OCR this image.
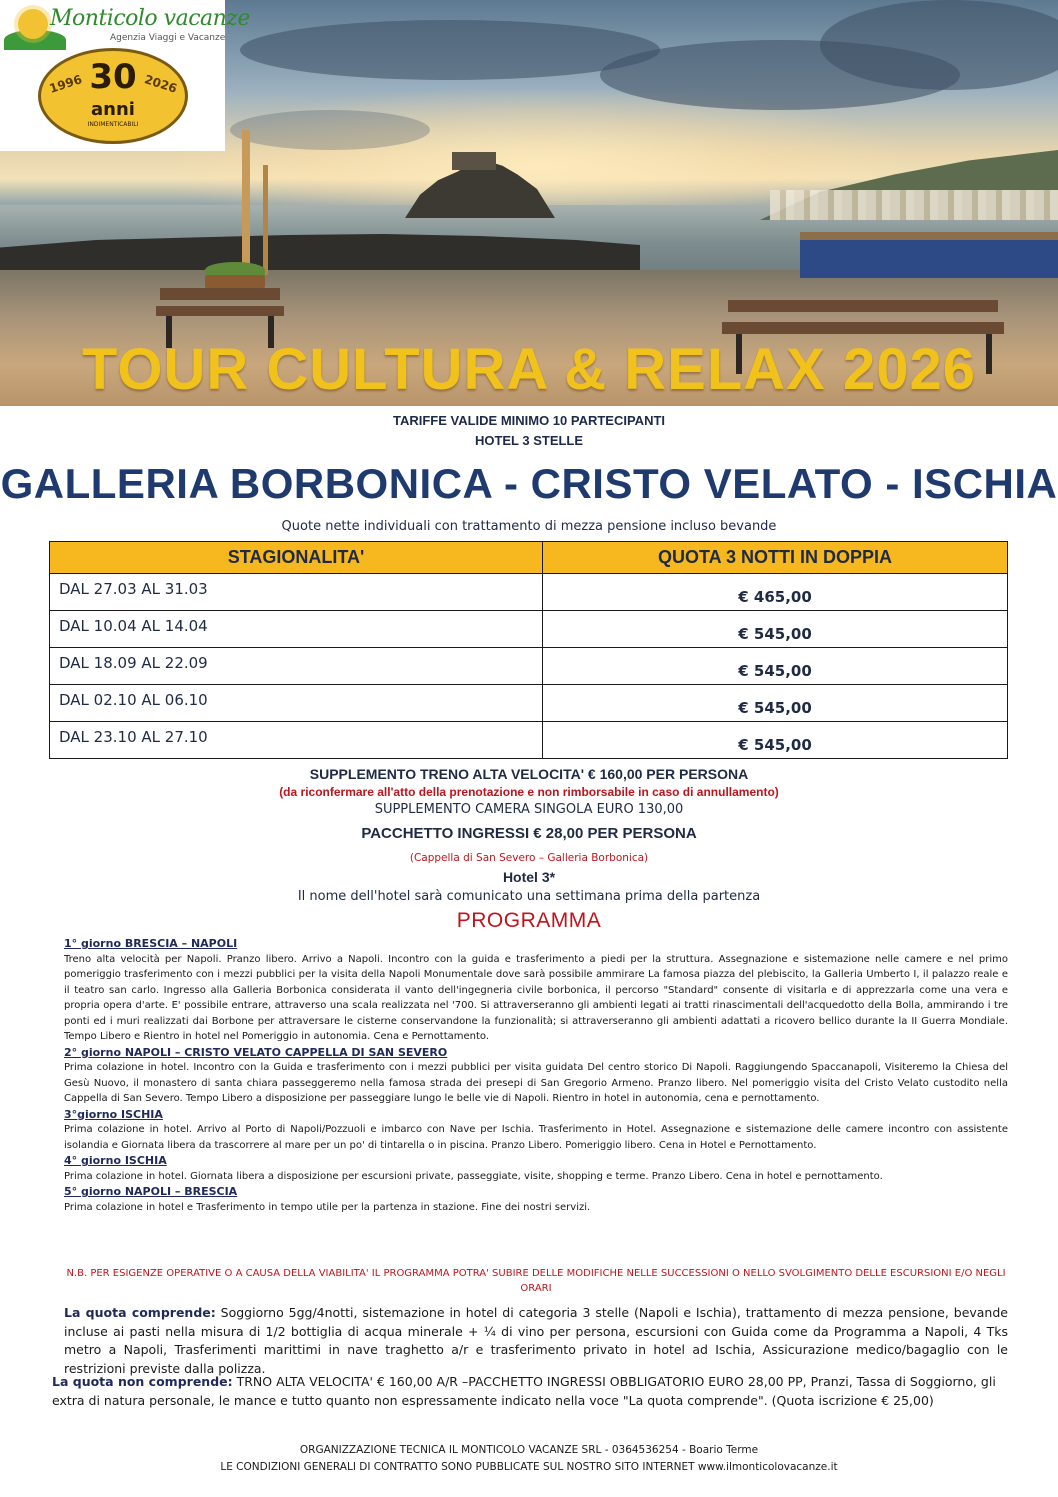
TOUR CULTURA & RELAX 2026
Monticolo vacanze
Agenzia Viaggi e Vacanze
1996	2026
30
anni
INDIMENTICABILI
TARIFFE VALIDE MINIMO 10 PARTECIPANTI
HOTEL 3 STELLE
GALLERIA BORBONICA - CRISTO VELATO - ISCHIA
Quote nette individuali con trattamento di mezza pensione incluso bevande
STAGIONALITA'	QUOTA 3 NOTTI IN DOPPIA
DAL 27.03 AL 31.03	€ 465,00
DAL 10.04 AL 14.04	€ 545,00
DAL 18.09 AL 22.09	€ 545,00
DAL 02.10 AL 06.10	€ 545,00
DAL 23.10 AL 27.10	€ 545,00
SUPPLEMENTO TRENO ALTA VELOCITA' € 160,00 PER PERSONA
(da riconfermare all'atto della prenotazione e non rimborsabile in caso di annullamento)
SUPPLEMENTO CAMERA SINGOLA EURO 130,00
PACCHETTO INGRESSI € 28,00 PER PERSONA
(Cappella di San Severo – Galleria Borbonica)
Hotel 3*
Il nome dell'hotel sarà comunicato una settimana prima della partenza
PROGRAMMA
1° giorno BRESCIA – NAPOLI

Treno alta velocità per Napoli. Pranzo libero. Arrivo a Napoli. Incontro con la guida e trasferimento a piedi per la struttura. Assegnazione e sistemazione nelle camere e nel primo pomeriggio trasferimento con i mezzi pubblici per la visita della Napoli Monumentale dove sarà possibile ammirare La famosa piazza del plebiscito, la Galleria Umberto I, il palazzo reale e il teatro san carlo. Ingresso alla Galleria Borbonica considerata il vanto dell'ingegneria civile borbonica, il percorso "Standard" consente di visitarla e di apprezzarla come una vera e propria opera d'arte. E' possibile entrare, attraverso una scala realizzata nel '700. Si attraverseranno gli ambienti legati ai tratti rinascimentali dell'acquedotto della Bolla, ammirando i tre ponti ed i muri realizzati dai Borbone per attraversare le cisterne conservandone la funzionalità; si attraverseranno gli ambienti adattati a ricovero bellico durante la II Guerra Mondiale. Tempo Libero e Rientro in hotel nel Pomeriggio in autonomia. Cena e Pernottamento.

2° giorno NAPOLI – CRISTO VELATO CAPPELLA DI SAN SEVERO

Prima colazione in hotel. Incontro con la Guida e trasferimento con i mezzi pubblici per visita guidata Del centro storico Di Napoli. Raggiungendo Spaccanapoli, Visiteremo la Chiesa del Gesù Nuovo, il monastero di santa chiara passeggeremo nella famosa strada dei presepi di San Gregorio Armeno. Pranzo libero. Nel pomeriggio visita del Cristo Velato custodito nella Cappella di San Severo. Tempo Libero a disposizione per passeggiare lungo le belle vie di Napoli. Rientro in hotel in autonomia, cena e pernottamento.

3°giorno ISCHIA

Prima colazione in hotel. Arrivo al Porto di Napoli/Pozzuoli e imbarco con Nave per Ischia. Trasferimento in Hotel. Assegnazione e sistemazione delle camere incontro con assistente isolandia e Giornata libera da trascorrere al mare per un po' di tintarella o in piscina. Pranzo Libero. Pomeriggio libero. Cena in Hotel e Pernottamento.

4° giorno ISCHIA

Prima colazione in hotel. Giornata libera a disposizione per escursioni private, passeggiate, visite, shopping e terme. Pranzo Libero. Cena in hotel e pernottamento.

5° giorno NAPOLI – BRESCIA

Prima colazione in hotel e Trasferimento in tempo utile per la partenza in stazione. Fine dei nostri servizi.

N.B. PER ESIGENZE OPERATIVE O A CAUSA DELLA VIABILITA' IL PROGRAMMA POTRA' SUBIRE DELLE MODIFICHE NELLE SUCCESSIONI O NELLO SVOLGIMENTO DELLE ESCURSIONI E/O NEGLI ORARI
La quota comprende: Soggiorno 5gg/4notti, sistemazione in hotel di categoria 3 stelle (Napoli e Ischia), trattamento di mezza pensione, bevande incluse ai pasti nella misura di 1/2 bottiglia di acqua minerale + ¼ di vino per persona, escursioni con Guida come da Programma a Napoli, 4 Tks metro a Napoli, Trasferimenti marittimi in nave traghetto a/r e trasferimento privato in hotel ad Ischia, Assicurazione medico/bagaglio con le restrizioni previste dalla polizza.
La quota non comprende: TRNO ALTA VELOCITA' € 160,00 A/R –PACCHETTO INGRESSI OBBLIGATORIO EURO 28,00 PP, Pranzi, Tassa di Soggiorno, gli extra di natura personale, le mance e tutto quanto non espressamente indicato nella voce "La quota comprende". (Quota iscrizione € 25,00)
ORGANIZZAZIONE TECNICA IL MONTICOLO VACANZE SRL - 0364536254 - Boario Terme
LE CONDIZIONI GENERALI DI CONTRATTO SONO PUBBLICATE SUL NOSTRO SITO INTERNET www.ilmonticolovacanze.it
